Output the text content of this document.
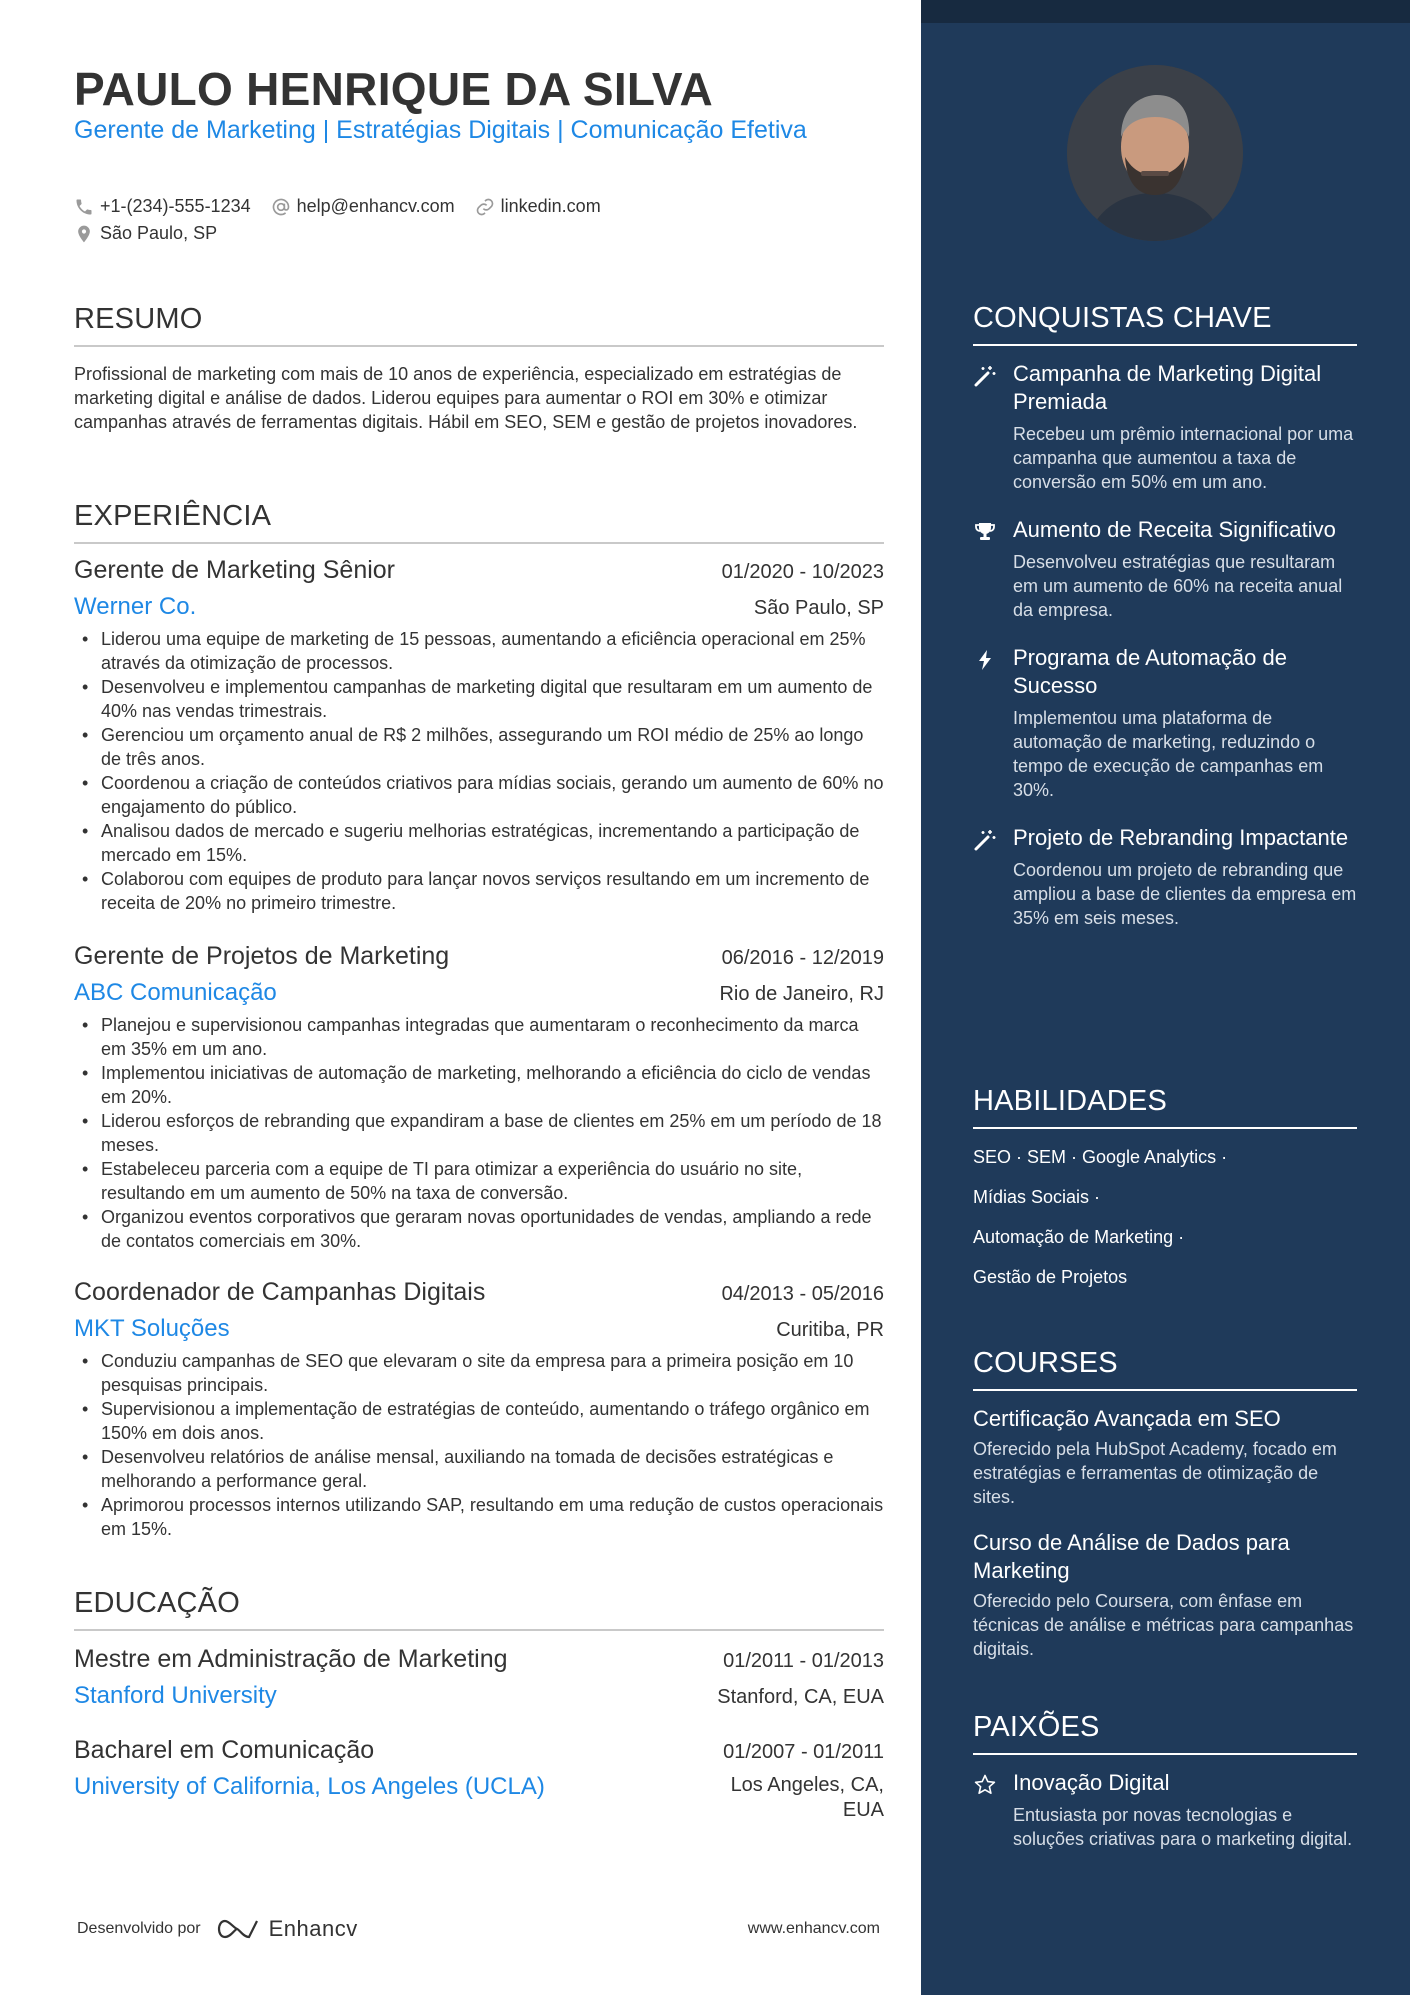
PAULO HENRIQUE DA SILVA
Gerente de Marketing | Estratégias Digitais | Comunicação Efetiva
+1-(234)-555-1234	help@enhancv.com	linkedin.com
São Paulo, SP
RESUMO
Profissional de marketing com mais de 10 anos de experiência, especializado em estratégias de marketing digital e análise de dados. Liderou equipes para aumentar o ROI em 30% e otimizar campanhas através de ferramentas digitais. Hábil em SEO, SEM e gestão de projetos inovadores.
EXPERIÊNCIA
Gerente de Marketing Sênior	01/2020 - 10/2023
Werner Co.	São Paulo, SP
• Liderou uma equipe de marketing de 15 pessoas, aumentando a eficiência operacional em 25% através da otimização de processos.
• Desenvolveu e implementou campanhas de marketing digital que resultaram em um aumento de 40% nas vendas trimestrais.
• Gerenciou um orçamento anual de R$ 2 milhões, assegurando um ROI médio de 25% ao longo de três anos.
• Coordenou a criação de conteúdos criativos para mídias sociais, gerando um aumento de 60% no engajamento do público.
• Analisou dados de mercado e sugeriu melhorias estratégicas, incrementando a participação de mercado em 15%.
• Colaborou com equipes de produto para lançar novos serviços resultando em um incremento de receita de 20% no primeiro trimestre.
Gerente de Projetos de Marketing	06/2016 - 12/2019
ABC Comunicação	Rio de Janeiro, RJ
• Planejou e supervisionou campanhas integradas que aumentaram o reconhecimento da marca em 35% em um ano.
• Implementou iniciativas de automação de marketing, melhorando a eficiência do ciclo de vendas em 20%.
• Liderou esforços de rebranding que expandiram a base de clientes em 25% em um período de 18 meses.
• Estabeleceu parceria com a equipe de TI para otimizar a experiência do usuário no site, resultando em um aumento de 50% na taxa de conversão.
• Organizou eventos corporativos que geraram novas oportunidades de vendas, ampliando a rede de contatos comerciais em 30%.
Coordenador de Campanhas Digitais	04/2013 - 05/2016
MKT Soluções	Curitiba, PR
• Conduziu campanhas de SEO que elevaram o site da empresa para a primeira posição em 10 pesquisas principais.
• Supervisionou a implementação de estratégias de conteúdo, aumentando o tráfego orgânico em 150% em dois anos.
• Desenvolveu relatórios de análise mensal, auxiliando na tomada de decisões estratégicas e melhorando a performance geral.
• Aprimorou processos internos utilizando SAP, resultando em uma redução de custos operacionais em 15%.
EDUCAÇÃO
Mestre em Administração de Marketing	01/2011 - 01/2013
Stanford University	Stanford, CA, EUA
Bacharel em Comunicação	01/2007 - 01/2011
University of California, Los Angeles (UCLA)	Los Angeles, CA,
EUA
Desenvolvido por	Enhancv	www.enhancv.com
CONQUISTAS CHAVE
Campanha de Marketing Digital Premiada
Recebeu um prêmio internacional por uma campanha que aumentou a taxa de conversão em 50% em um ano.
Aumento de Receita Significativo
Desenvolveu estratégias que resultaram em um aumento de 60% na receita anual da empresa.
Programa de Automação de Sucesso
Implementou uma plataforma de automação de marketing, reduzindo o tempo de execução de campanhas em 30%.
Projeto de Rebranding Impactante
Coordenou um projeto de rebranding que ampliou a base de clientes da empresa em 35% em seis meses.
HABILIDADES
SEO · SEM · Google Analytics ·
Mídias Sociais ·
Automação de Marketing ·
Gestão de Projetos
COURSES
Certificação Avançada em SEO
Oferecido pela HubSpot Academy, focado em estratégias e ferramentas de otimização de sites.
Curso de Análise de Dados para Marketing
Oferecido pelo Coursera, com ênfase em técnicas de análise e métricas para campanhas digitais.
PAIXÕES
Inovação Digital
Entusiasta por novas tecnologias e soluções criativas para o marketing digital.
